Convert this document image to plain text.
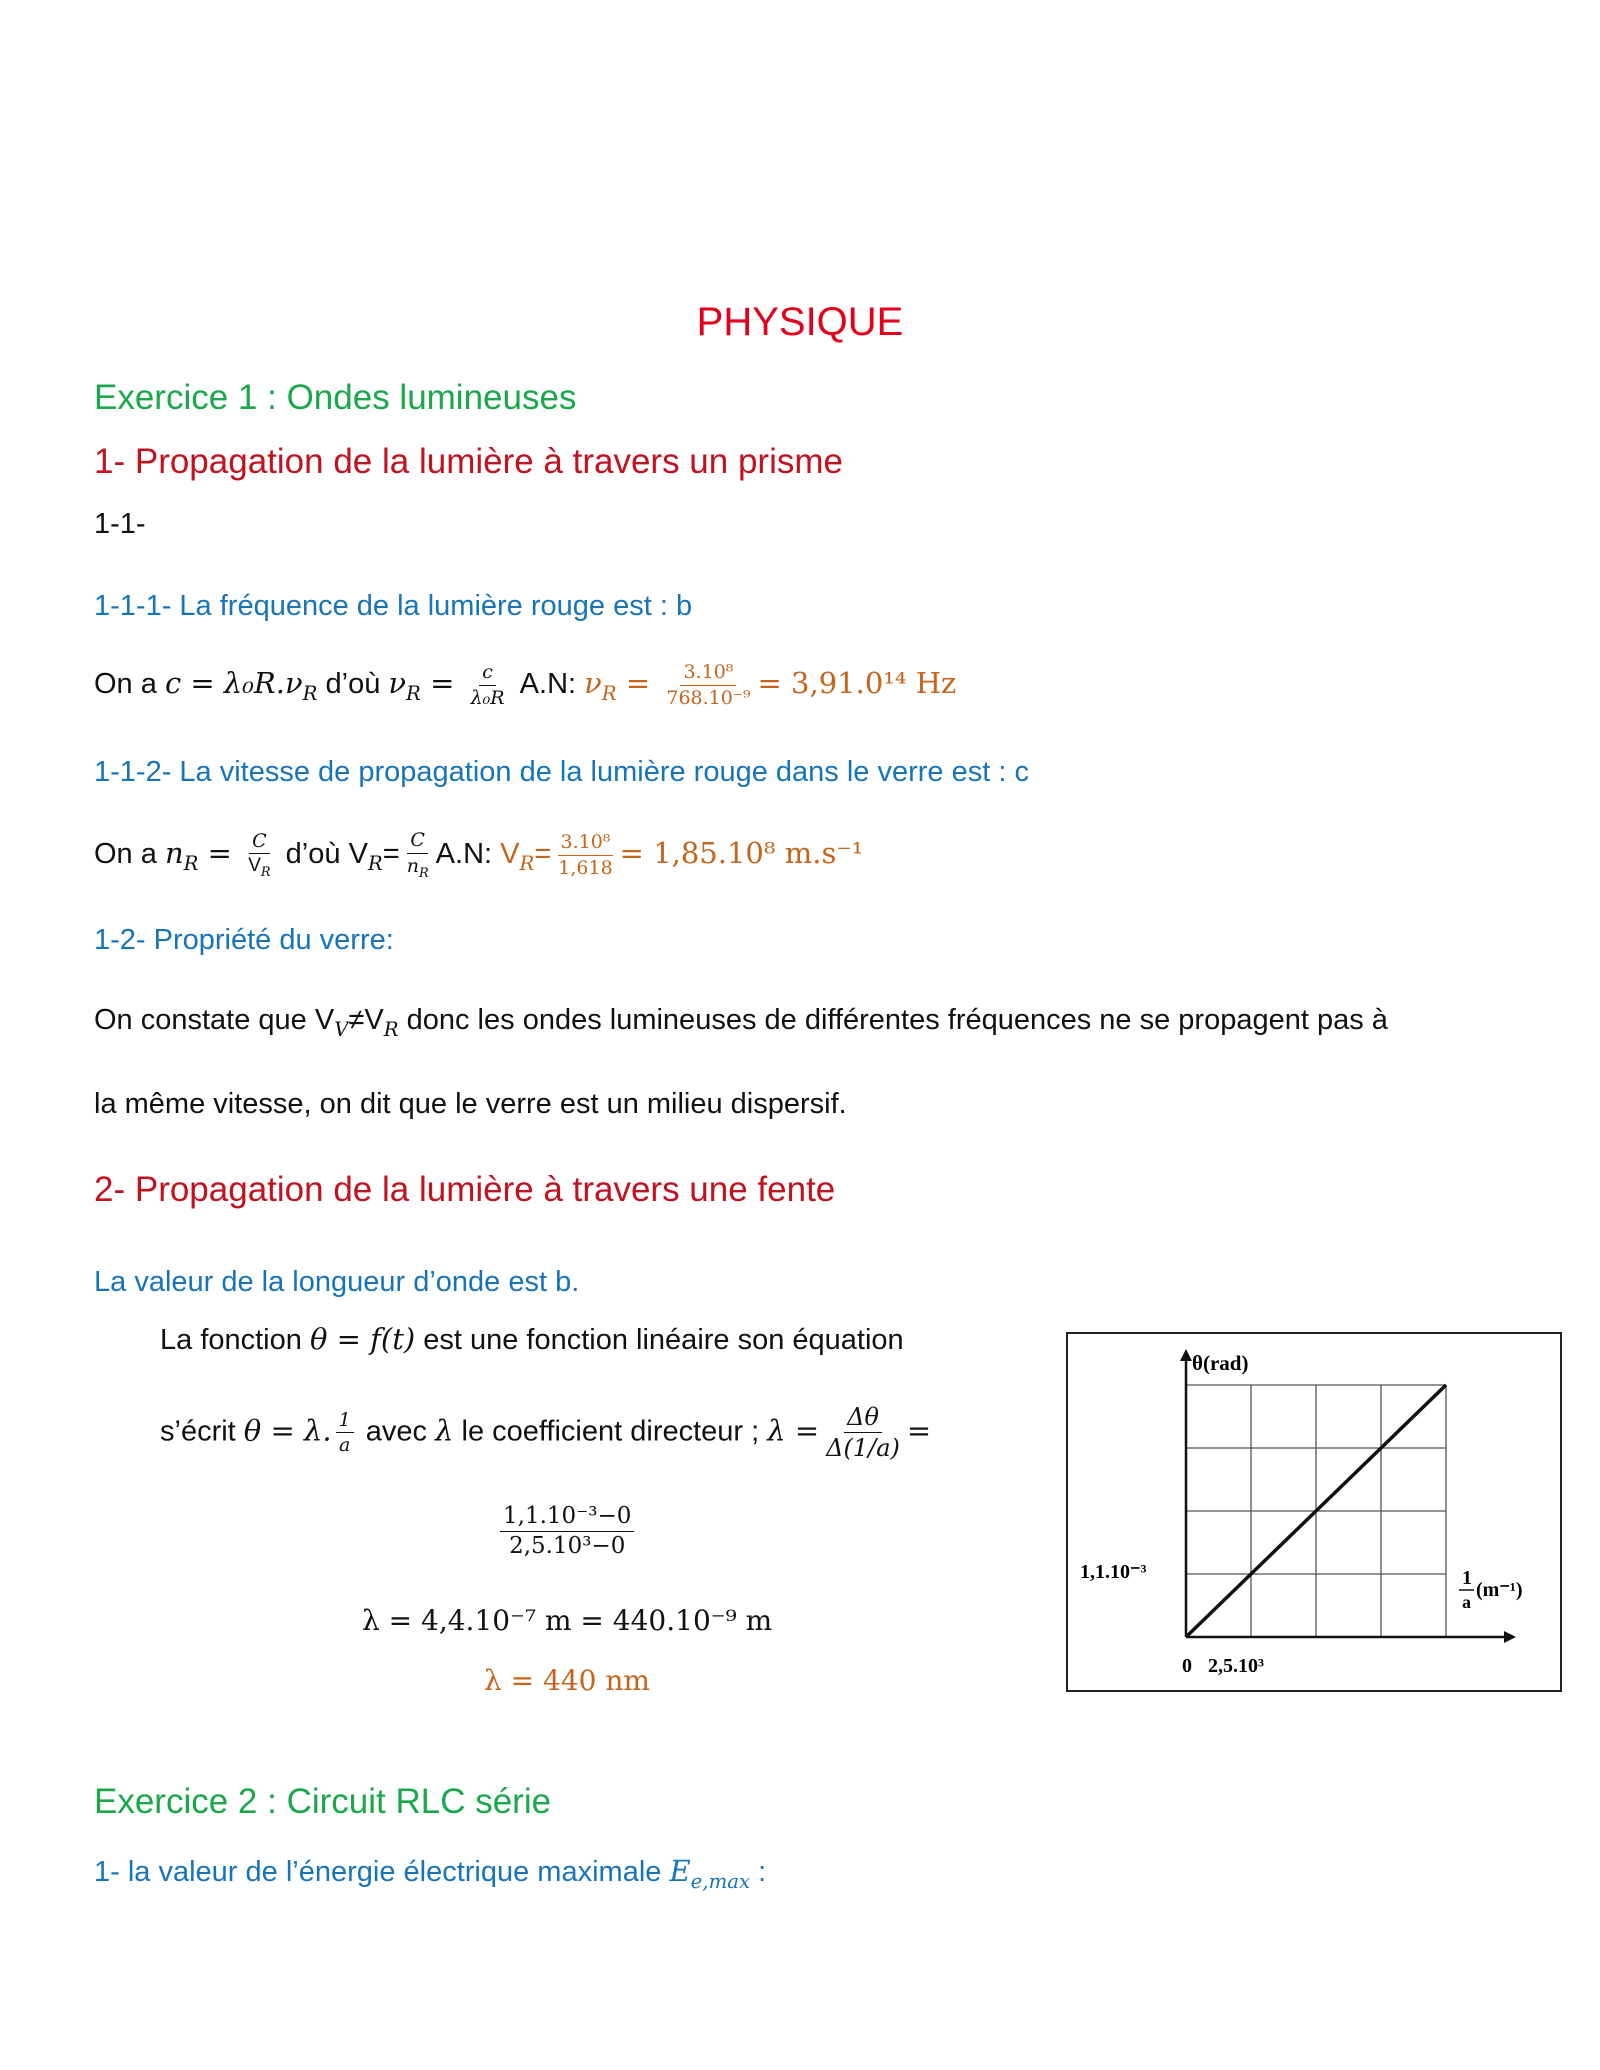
PHYSIQUE
Exercice 1 : Ondes lumineuses
1- Propagation de la lumière à travers un prisme
1-1-
1-1-1- La fréquence de la lumière rouge est : b
On a $c = \lambda_0R.\nu_R$ d’où $\nu_R = \frac{c}{\text{λ₀R}} A.N$: $\nu_R = \frac{\text{3.10⁸}}{\text{768.10⁻⁹}} = 3,91.0^{14}$ Hz
1-1-2- La vitesse de propagation de la lumière rouge dans le verre est : c
On a $n_R = \frac{C}{V_R}$ d’où $V_R= \frac{C}{n_R} A.N$: $V_R= \frac{\text{3.10⁸}}{1,618} = 1,85.10^8$ m.s⁻¹
1-2- Propriété du verre:
On constate que $V_V\ne V_R$ donc les ondes lumineuses de différentes fréquences ne se propagent pas à
la même vitesse, on dit que le verre est un milieu dispersif.
2- Propagation de la lumière à travers une fente
La valeur de la longueur d’onde est b.
La fonction θ = f(t) est une fonction linéaire son équation
s’écrit θ = λ. $\frac{1}{a}$ avec λ le coefficient directeur ; $\lambda = \frac{\Delta\theta}{\Delta(1/a)}$ =
$\frac{\text{1,1.10⁻³−0}}{\text{2,5.10³−0}}$
λ = 4,4.10⁻⁷ m = 440.10⁻⁹ m
λ = 440 nm
θ(rad)
1,1.10⁻³
0 2,5.10³
1
a
(m⁻¹)
Exercice 2 : Circuit RLC série
1- la valeur de l’énergie électrique maximale $E_{e,max}$ :
